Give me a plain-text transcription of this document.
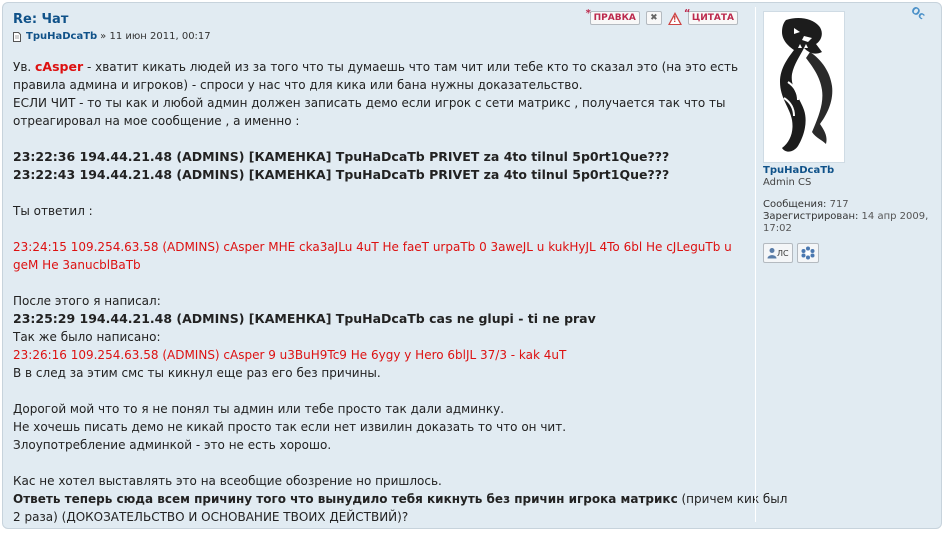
Ос
Re: Чат	* ПРАВКА	✖	! “ ЦИТАТА
TpuHaDcaTb »
11 июн 2011, 00:17
Ув. cAsper - хватит кикать людей из за того что ты думаешь что там чит или тебе кто то сказал это (на это есть
правила админа и игроков) - спроси у нас что для кика или бана нужны доказательство.
ЕСЛИ ЧИТ - то ты как и любой админ должен записать демо если игрок с сети матрикс , получается так что ты
отреагировал на мое сообщение , а именно :
23:22:36 194.44.21.48 (ADMINS) [КАМЕНКА] TpuHaDcaTb PRIVET za 4to tilnul 5p0rt1Que???
23:22:43 194.44.21.48 (ADMINS) [КАМЕНКА] TpuHaDcaTb PRIVET za 4to tilnul 5p0rt1Que???
Ты ответил :
23:24:15 109.254.63.58 (ADMINS) cAsper MHE cka3aJLu 4uT He faeT urpaTb 0 3aweJL u kukHyJL 4To 6bl He cJLeguTb u
geM He 3anucblBaTb
После этого я написал:
23:25:29 194.44.21.48 (ADMINS) [КАМЕНКА] TpuHaDcaTb cas ne glupi - ti ne prav
Так же было написано:
23:26:16 109.254.63.58 (ADMINS) cAsper 9 u3BuH9Tc9 He 6ygy y Hero 6blJL 37/3 - kak 4uT
В в след за этим смс ты кикнул еще раз его без причины.
Дорогой мой что то я не понял ты админ или тебе просто так дали админку.
Не хочешь писать демо не кикай просто так если нет извилин доказать то что он чит.
Злоупотребление админкой - это не есть хорошо.
Кас не хотел выставлять это на всеобщие обозрение но пришлось.
Ответь теперь сюда всем причину того что вынудило тебя кикнуть без причин игрока матрикс (причем кик был
2 раза) (ДОКОЗАТЕЛЬСТВО И ОСНОВАНИЕ ТВОИХ ДЕЙСТВИЙ)?
TpuHaDcaTb
Admin CS
Сообщения: 717
Зарегистрирован: 14 апр 2009,
17:02
ЛС
